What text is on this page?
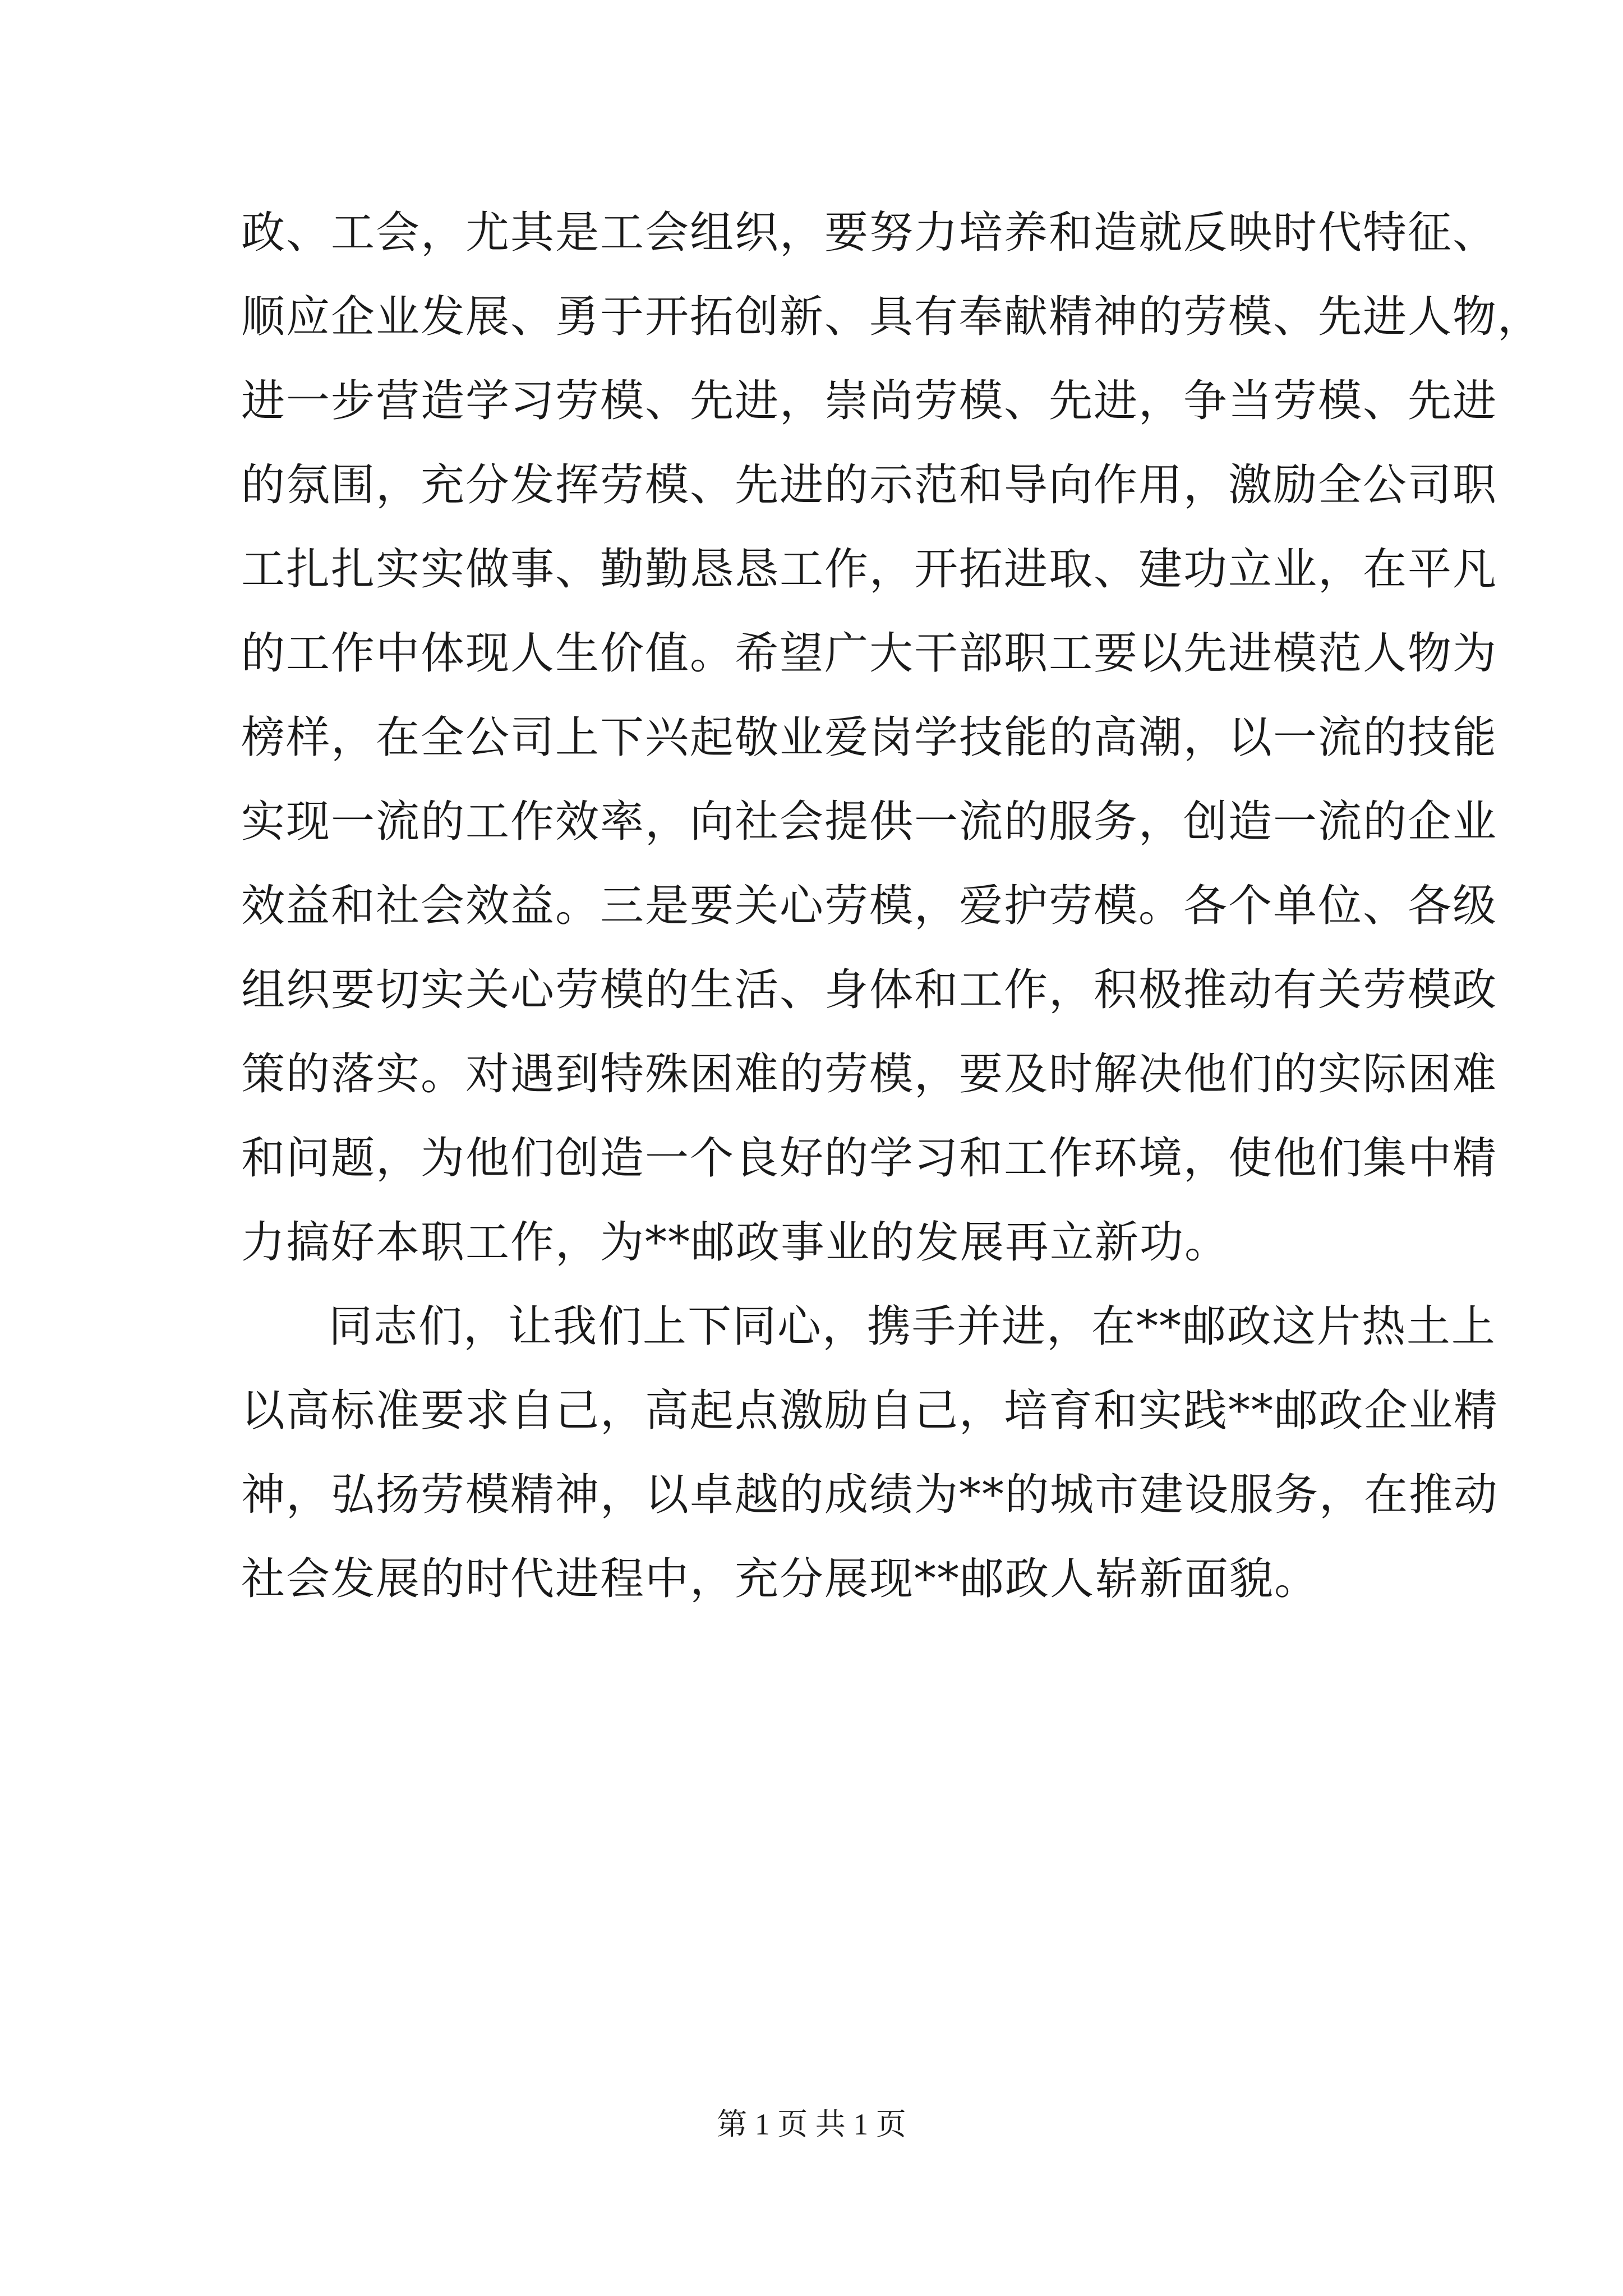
政、工会，尤其是工会组织，要努力培养和造就反映时代特征、
顺应企业发展、勇于开拓创新、具有奉献精神的劳模、先进人物，
进一步营造学习劳模、先进，崇尚劳模、先进，争当劳模、先进
的氛围，充分发挥劳模、先进的示范和导向作用，激励全公司职
工扎扎实实做事、勤勤恳恳工作，开拓进取、建功立业，在平凡
的工作中体现人生价值。希望广大干部职工要以先进模范人物为
榜样，在全公司上下兴起敬业爱岗学技能的高潮，以一流的技能
实现一流的工作效率，向社会提供一流的服务，创造一流的企业
效益和社会效益。三是要关心劳模，爱护劳模。各个单位、各级
组织要切实关心劳模的生活、身体和工作，积极推动有关劳模政
策的落实。对遇到特殊困难的劳模，要及时解决他们的实际困难
和问题，为他们创造一个良好的学习和工作环境，使他们集中精
力搞好本职工作，为**邮政事业的发展再立新功。
同志们，让我们上下同心，携手并进，在**邮政这片热土上
以高标准要求自己，高起点激励自己，培育和实践**邮政企业精
神，弘扬劳模精神，以卓越的成绩为**的城市建设服务，在推动
社会发展的时代进程中，充分展现**邮政人崭新面貌。
第 1 页 共 1 页
